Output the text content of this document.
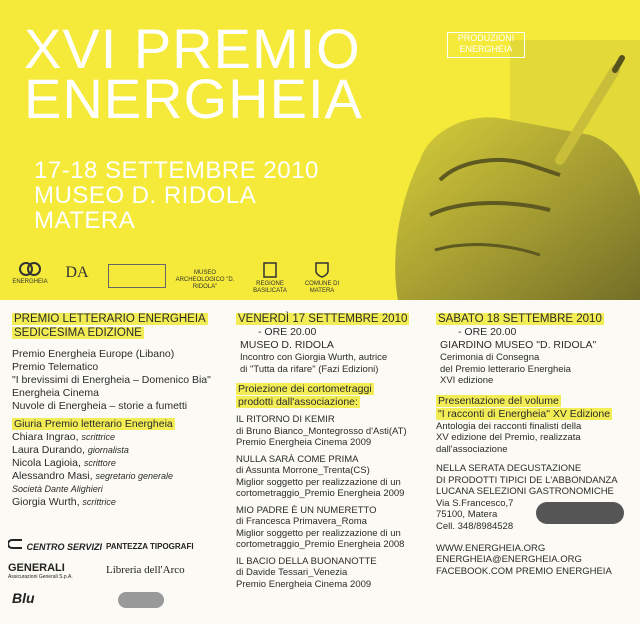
XVI PREMIO
ENERGHEIA
PRODUZIONI
ENERGHEIA
17-18 SETTEMBRE 2010
MUSEO D. RIDOLA
MATERA
ENERGHEIA
DA	MUSEO ARCHEOLOGICO "D. RIDOLA"	REGIONE BASILICATA
COMUNE DI MATERA

PREMIO LETTERARIO ENERGHEIA

SEDICESIMA EDIZIONE

Premio Energheia Europe (Libano)

Premio Telematico

"I brevissimi di Energheia – Domenico Bia"

Energheia Cinema

Nuvole di Energheia – storie a fumetti

Giuria Premio letterario Energheia

Chiara Ingrao, scrittrice

Laura Durando, giornalista

Nicola Lagioia, scrittore

Alessandro Masi, segretario generale

Società Dante Alighieri

Giorgia Wurth, scrittrice

CENTRO SERVIZI PANTEZZA TIPOGRAFI
GENERALI
Assicurazioni Generali S.p.A.
Libreria dell'Arco
Blu

VENERDÌ 17 SETTEMBRE 2010

- ORE 20.00

MUSEO D. RIDOLA

Incontro con Giorgia Wurth, autrice

di "Tutta da rifare" (Fazi Edizioni)

Proiezione dei cortometraggi

prodotti dall'associazione:

IL RITORNO DI KEMIR

di Bruno Bianco_Montegrosso d'Asti(AT)

Premio Energheia Cinema 2009

NULLA SARÀ COME PRIMA

di Assunta Morrone_Trenta(CS)

Miglior soggetto per realizzazione di un

cortometraggio_Premio Energheia 2009

MIO PADRE È UN NUMERETTO

di Francesca Primavera_Roma

Miglior soggetto per realizzazione di un

cortometraggio_Premio Energheia 2008

IL BACIO DELLA BUONANOTTE

di Davide Tessari_Venezia

Premio Energheia Cinema 2009

SABATO 18 SETTEMBRE 2010

- ORE 20.00

GIARDINO MUSEO "D. RIDOLA"

Cerimonia di Consegna

del Premio letterario Energheia

XVI edizione

Presentazione del volume

"I racconti di Energheia" XV Edizione

Antologia dei racconti finalisti della

XV edizione del Premio, realizzata

dall'associazione

NELLA SERATA DEGUSTAZIONE

DI PRODOTTI TIPICI DE L'ABBONDANZA

LUCANA SELEZIONI GASTRONOMICHE

Via S.Francesco,7

75100, Matera

Cell. 348/8984528

WWW.ENERGHEIA.ORG

ENERGHEIA@ENERGHEIA.ORG

FACEBOOK.COM PREMIO ENERGHEIA
